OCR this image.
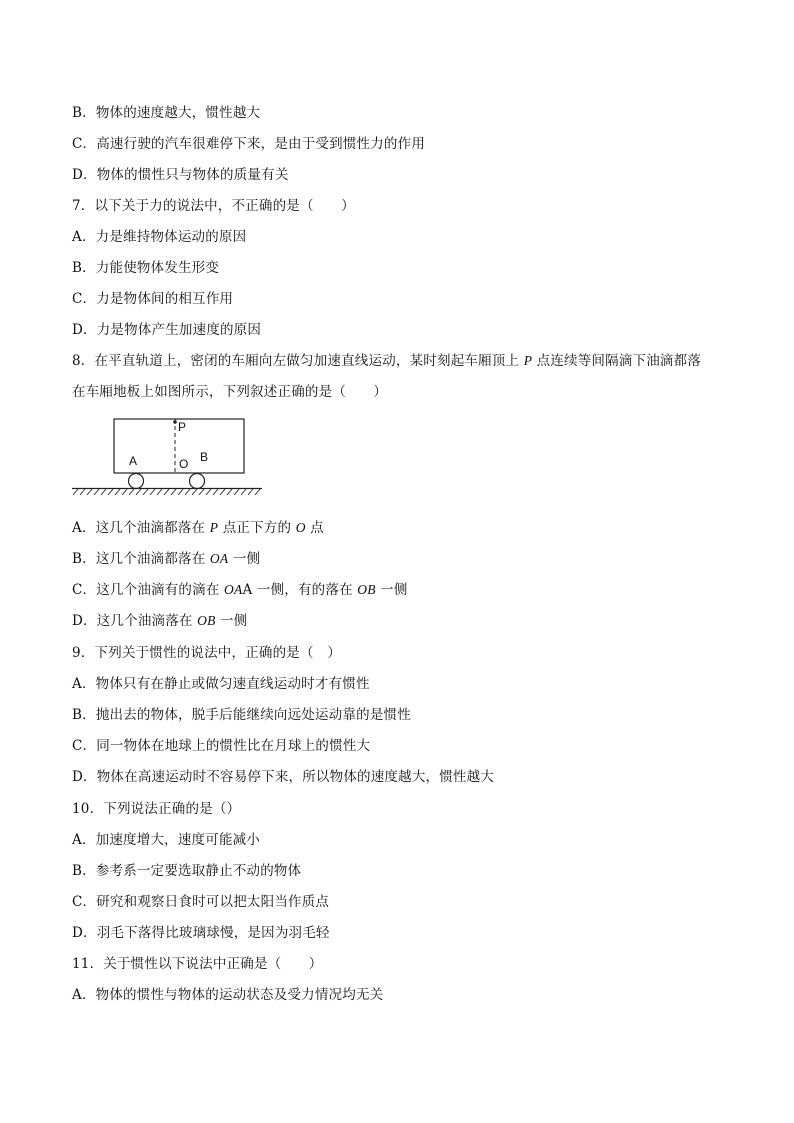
B．物体的速度越大，惯性越大
C．高速行驶的汽车很难停下来，是由于受到惯性力的作用
D．物体的惯性只与物体的质量有关
7．以下关于力的说法中，不正确的是（　　）
A．力是维持物体运动的原因
B．力能使物体发生形变
C．力是物体间的相互作用
D．力是物体产生加速度的原因
8．在平直轨道上，密闭的车厢向左做匀加速直线运动，某时刻起车厢顶上 P 点连续等间隔滴下油滴都落
在车厢地板上如图所示，下列叙述正确的是（　　）
P
A	O B
A．这几个油滴都落在 P 点正下方的 O 点
B．这几个油滴都落在 OA 一侧
C．这几个油滴有的滴在 OAA 一侧，有的落在 OB 一侧
D．这几个油滴落在 OB 一侧
9．下列关于惯性的说法中，正确的是（　）
A．物体只有在静止或做匀速直线运动时才有惯性
B．抛出去的物体，脱手后能继续向远处运动靠的是惯性
C．同一物体在地球上的惯性比在月球上的惯性大
D．物体在高速运动时不容易停下来，所以物体的速度越大，惯性越大
10．下列说法正确的是（）
A．加速度增大，速度可能减小
B．参考系一定要选取静止不动的物体
C．研究和观察日食时可以把太阳当作质点
D．羽毛下落得比玻璃球慢，是因为羽毛轻
11．关于惯性以下说法中正确是（　　）
A．物体的惯性与物体的运动状态及受力情况均无关
